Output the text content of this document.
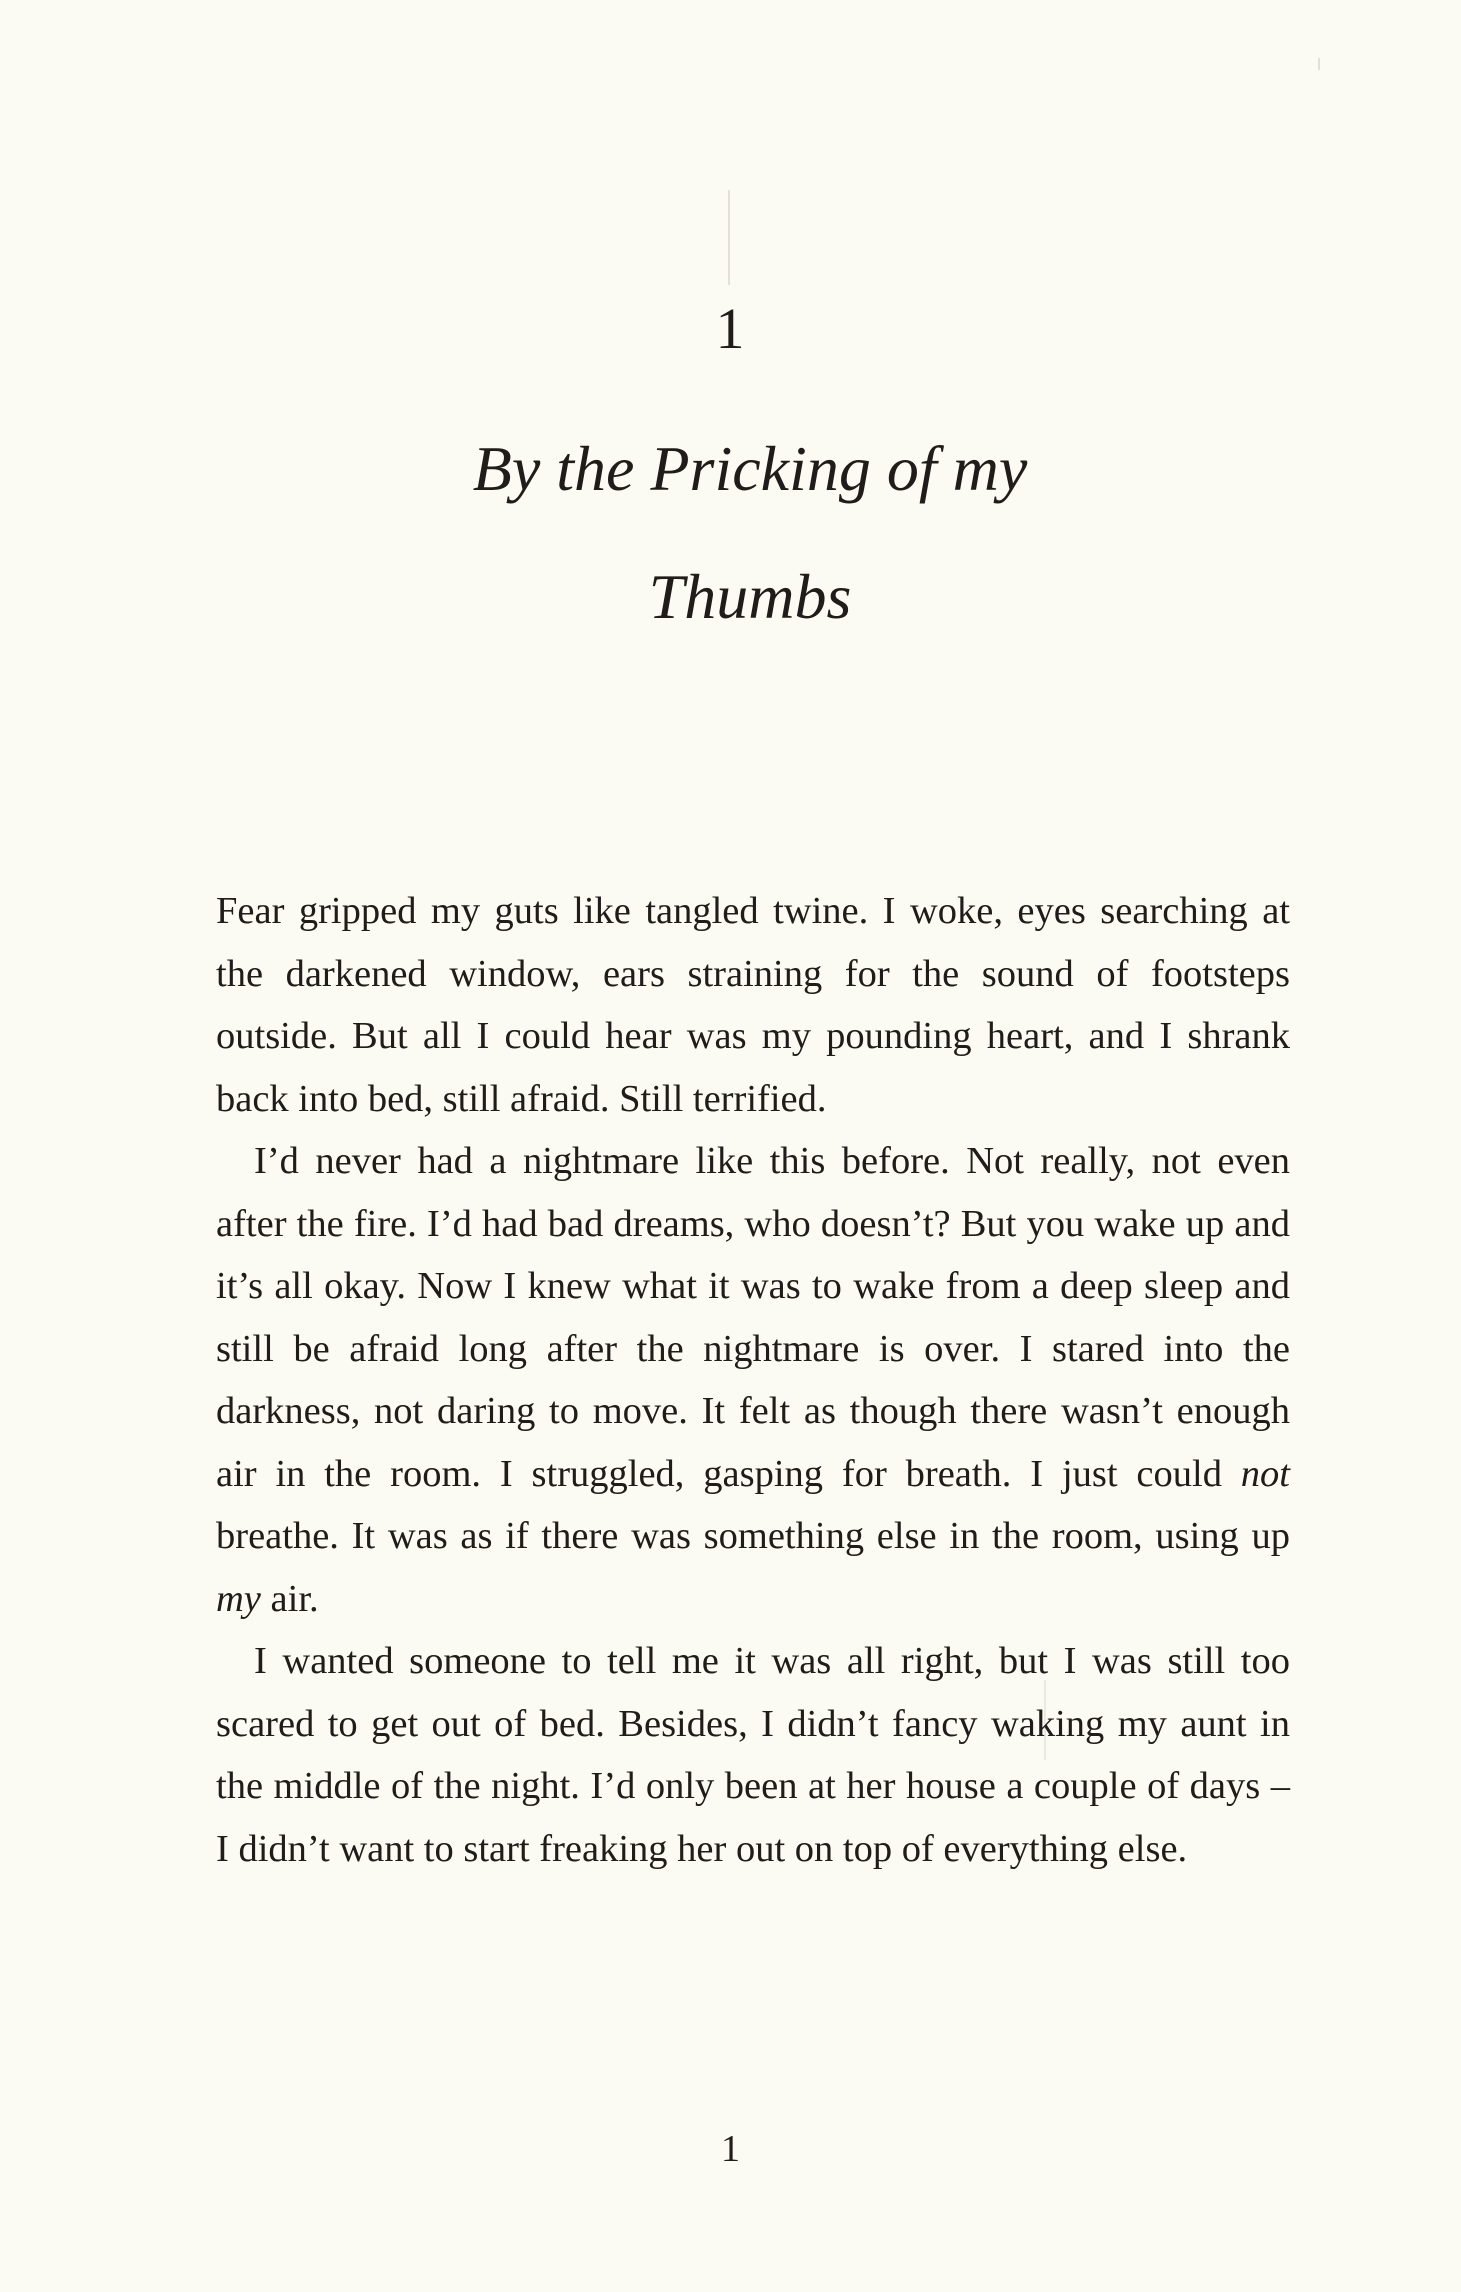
1
By the Pricking of my
Thumbs

Fear gripped my guts like tangled twine. I woke, eyes searching at the darkened window, ears straining for the sound of footsteps outside. But all I could hear was my pounding heart, and I shrank back into bed, still afraid. Still terrified.

I’d never had a nightmare like this before. Not really, not even after the fire. I’d had bad dreams, who doesn’t? But you wake up and it’s all okay. Now I knew what it was to wake from a deep sleep and still be afraid long after the nightmare is over. I stared into the darkness, not daring to move. It felt as though there wasn’t enough air in the room. I struggled, gasping for breath. I just could not breathe. It was as if there was something else in the room, using up my air.

I wanted someone to tell me it was all right, but I was still too scared to get out of bed. Besides, I didn’t fancy waking my aunt in the middle of the night. I’d only been at her house a couple of days – I didn’t want to start freaking her out on top of everything else.

1
